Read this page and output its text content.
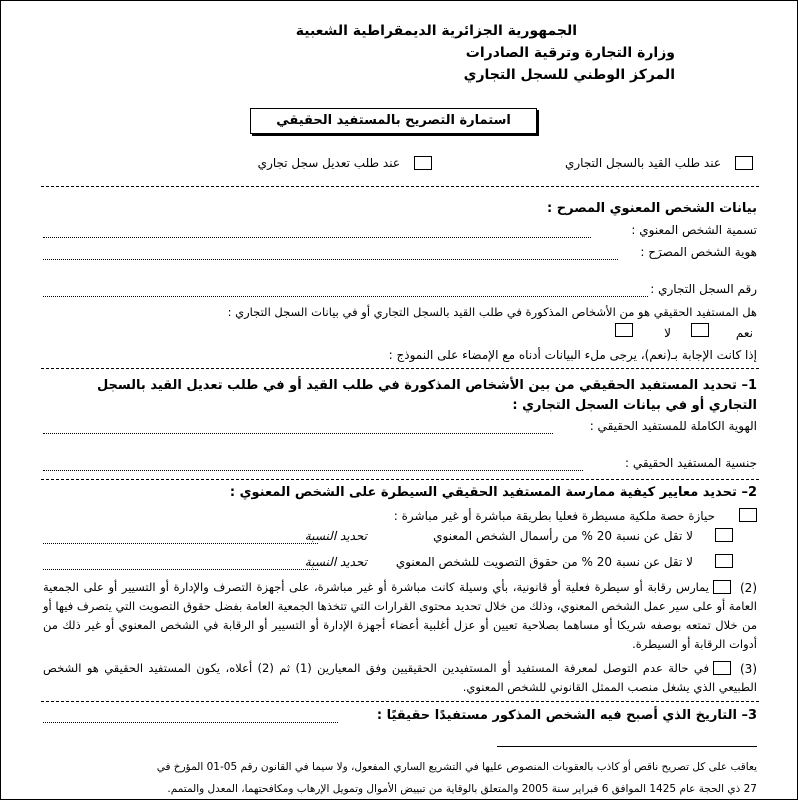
الجمهورية الجزائرية الديمقراطية الشعبية
وزارة التجارة وترقية الصادرات
المركز الوطني للسجل التجاري
استمارة التصريح بالمستفيد الحقيقي
عند طلب القيد بالسجل التجاري
عند طلب تعديل سجل تجاري
بيانات الشخص المعنوي المصرح :
تسمية الشخص المعنوي :
هوية الشخص المصرَح :
رقم السجل التجاري :
هل المستفيد الحقيقي هو من الأشخاص المذكورة في طلب القيد بالسجل التجاري أو في بيانات السجل التجاري :
نعم
لا
إذا كانت الإجابة بـ(نعم)، يرجى ملء البيانات أدناه مع الإمضاء على النموذج :
1– تحديد المستفيد الحقيقي من بين الأشخاص المذكورة في طلب القيد أو في طلب تعديل القيد بالسجل
التجاري أو في بيانات السجل التجاري :
الهوية الكاملة للمستفيد الحقيقي :
جنسية المستفيد الحقيقي :
2– تحديد معايير كيفية ممارسة المستفيد الحقيقي السيطرة على الشخص المعنوي :
حيازة حصة ملكية مسيطرة فعليا بطريقة مباشرة أو غير مباشرة :
لا تقل عن نسبة 20 % من رأسمال الشخص المعنوي
تحديد النسبة
لا تقل عن نسبة 20 % من حقوق التصويت للشخص المعنوي
تحديد النسبة
(2)
يمارس رقابة أو سيطرة فعلية أو قانونية، بأي وسيلة كانت مباشرة أو غير مباشرة، على أجهزة التصرف والإدارة أو التسيير أو على الجمعية العامة أو على سير عمل الشخص المعنوي، وذلك من خلال تحديد محتوى القرارات التي تتخذها الجمعية العامة بفضل حقوق التصويت التي يتصرف فيها أو من خلال تمتعه بوصفه شريكا أو مساهما بصلاحية تعيين أو عزل أغلبية أعضاء أجهزة الإدارة أو التسيير أو الرقابة في الشخص المعنوي أو غير ذلك من أدوات الرقابة أو السيطرة.
(3)
في حالة عدم التوصل لمعرفة المستفيد أو المستفيدين الحقيقيين وفق المعيارين (1) ثم (2) أعلاه، يكون المستفيد الحقيقي هو الشخص الطبيعي الذي يشغل منصب الممثل القانوني للشخص المعنوي.
3– التاريخ الذي أصبح فيه الشخص المذكور مستفيدًا حقيقيًا :
يعاقب على كل تصريح ناقص أو كاذب بالعقوبات المنصوص عليها في التشريع الساري المفعول، ولا سيما في القانون رقم 05-01 المؤرخ في
27 ذي الحجة عام 1425 الموافق 6 فبراير سنة 2005 والمتعلق بالوقاية من تبييض الأموال وتمويل الإرهاب ومكافحتهما، المعدل والمتمم.
